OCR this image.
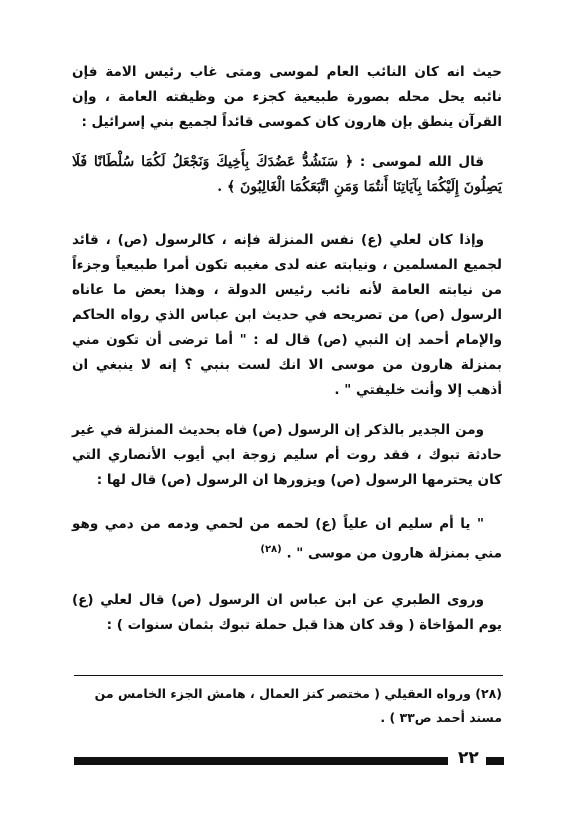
حيث انه كان النائب العام لموسى ومتى غاب رئيس الامة فإن نائبه يحل محله بصورة طبيعية كجزء من وظيفته العامة ، وإن القرآن ينطق بإن هارون كان كموسى قائداً لجميع بني إسرائيل :
قال الله لموسى : ﴿ سَنَشُدُّ عَضُدَكَ بِأَخِيكَ وَنَجْعَلُ لَكُمَا سُلْطَانًا فَلَا يَصِلُونَ إِلَيْكُمَا بِآيَاتِنَا أَنتُمَا وَمَنِ اتَّبَعَكُمَا الْغَالِبُونَ ﴾ .
وإذا كان لعلي (ع) نفس المنزلة فإنه ، كالرسول (ص) ، قائد لجميع المسلمين ، ونيابته عنه لدى مغيبه تكون أمرا طبيعياً وجزءاً من نيابته العامة لأنه نائب رئيس الدولة ، وهذا بعض ما عاناه الرسول (ص) من تصريحه في حديث ابن عباس الذي رواه الحاكم والإمام أحمد إن النبي (ص) قال له : " أما ترضى أن تكون مني بمنزلة هارون من موسى الا انك لست بنبي ؟ إنه لا ينبغي ان أذهب إلا وأنت خليفتي " .
ومن الجدير بالذكر إن الرسول (ص) فاه بحديث المنزلة في غير حادثة تبوك ، فقد روت أم سليم زوجة ابي أيوب الأنصاري التي كان يحترمها الرسول (ص) ويزورها ان الرسول (ص) قال لها :
" يا أم سليم ان علياً (ع) لحمه من لحمي ودمه من دمي وهو مني بمنزلة هارون من موسى " . $^{(٢٨)}$
وروى الطبري عن ابن عباس ان الرسول (ص) قال لعلي (ع) يوم المؤاخاة ( وقد كان هذا قبل حملة تبوك بثمان سنوات ) :
(٢٨) ورواه العقيلي ( مختصر كنز العمال ، هامش الجزء الخامس من مسند أحمد ص٣٣ ) .
٢٢
